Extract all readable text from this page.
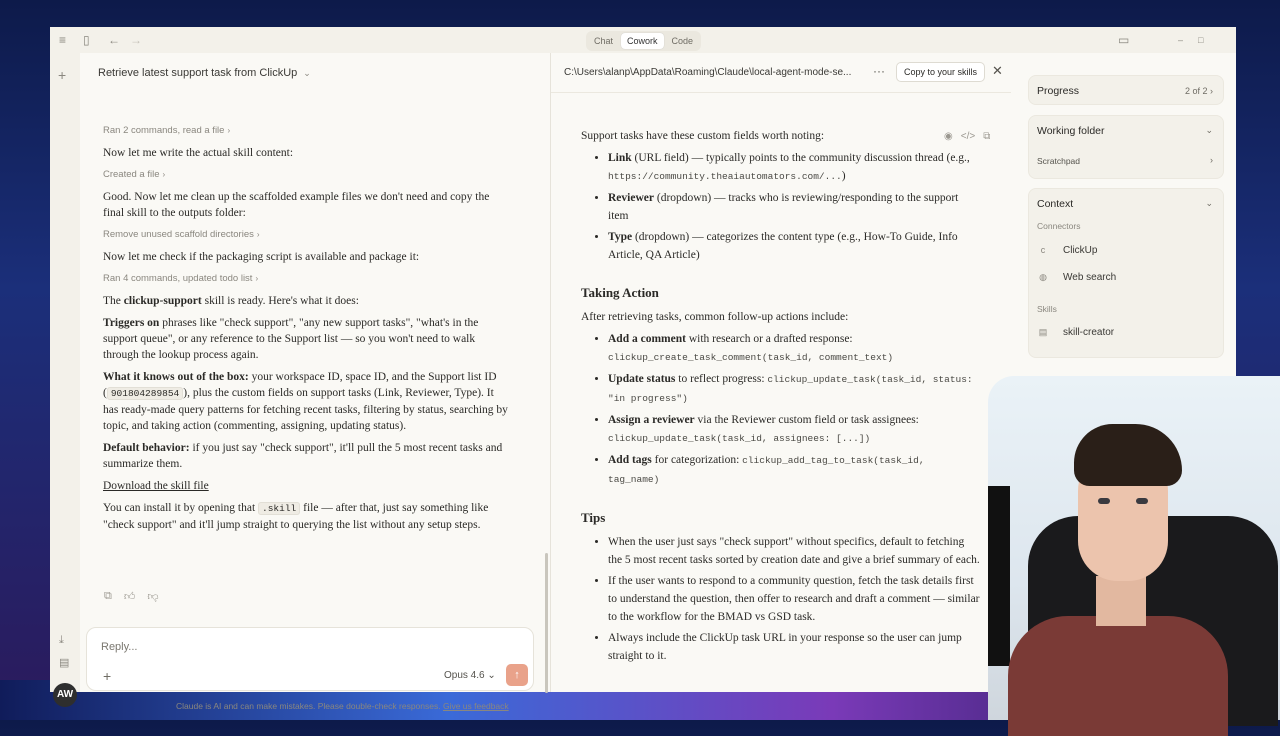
≡ ▯ ← →	Chat	Cowork	Code	▭	– □
+
⤓
▤
AW
Retrieve latest support task from ClickUp ⌄
Ran 2 commands, read a file ›
Now let me write the actual skill content:
Created a file ›
Good. Now let me clean up the scaffolded example files we don't need and copy the final skill to the outputs folder:
Remove unused scaffold directories ›
Now let me check if the packaging script is available and package it:
Ran 4 commands, updated todo list ›
The clickup-support skill is ready. Here's what it does:
Triggers on phrases like "check support", "any new support tasks", "what's in the support queue", or any reference to the Support list — so you won't need to walk through the lookup process again.
What it knows out of the box: your workspace ID, space ID, and the Support list ID ( 901804289854 ), plus the custom fields on support tasks (Link, Reviewer, Type). It has ready-made query patterns for fetching recent tasks, filtering by status, searching by topic, and taking action (commenting, assigning, updating status).
Default behavior: if you just say "check support", it'll pull the 5 most recent tasks and summarize them.
Download the skill file
You can install it by opening that .skill file — after that, just say something like "check support" and it'll jump straight to querying the list without any setup steps.
⧉ 👍︎ 👎︎
Reply...
+	Opus 4.6 ⌄	↑
Claude is AI and can make mistakes. Please double-check responses. Give us feedback
C:\Users\alanp\AppData\Roaming\Claude\local-agent-mode-se... ···	Copy to your skills	✕
◉ </> ⧉
Support tasks have these custom fields worth noting:
• Link (URL field) — typically points to the community discussion thread (e.g., https://community.theaiautomators.com/...)
• Reviewer (dropdown) — tracks who is reviewing/responding to the support item
• Type (dropdown) — categorizes the content type (e.g., How-To Guide, Info Article, QA Article)
Taking Action
After retrieving tasks, common follow-up actions include:
• Add a comment with research or a drafted response: clickup_create_task_comment(task_id, comment_text)
• Update status to reflect progress: clickup_update_task(task_id, status: "in progress")
• Assign a reviewer via the Reviewer custom field or task assignees: clickup_update_task(task_id, assignees: [...])
• Add tags for categorization: clickup_add_tag_to_task(task_id, tag_name)
Tips
• When the user just says "check support" without specifics, default to fetching the 5 most recent tasks sorted by creation date and give a brief summary of each.
• If the user wants to respond to a community question, fetch the task details first to understand the question, then offer to research and draft a comment — similar to the workflow for the BMAD vs GSD task.
• Always include the ClickUp task URL in your response so the user can jump straight to it.
Progress	2 of 2 ›
Working folder	⌄
Scratchpad	›
Context	⌄
Connectors
c	ClickUp
◍ Web search
Skills
▤ skill-creator
